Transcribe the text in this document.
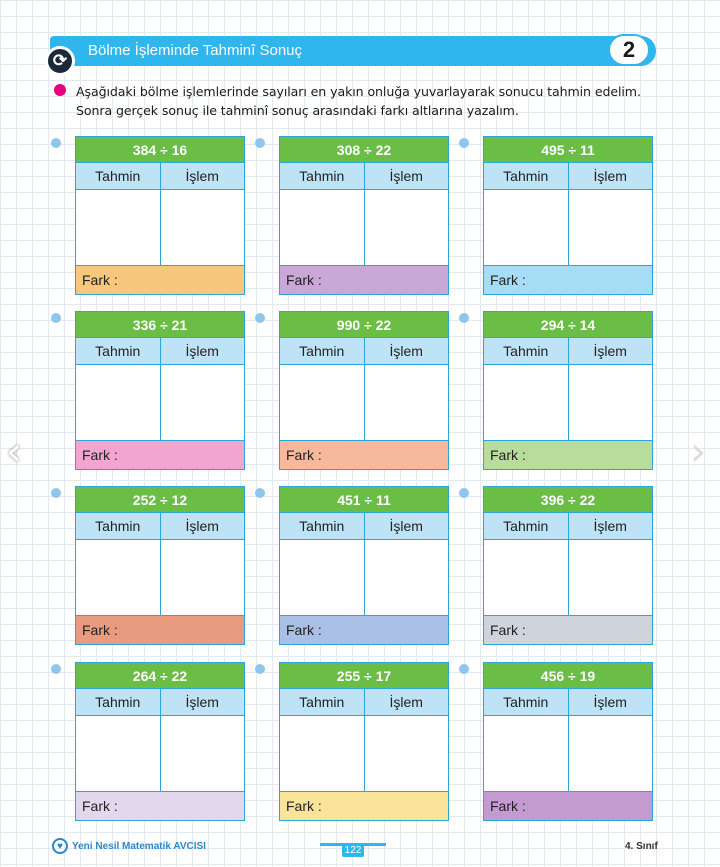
Bölme İşleminde Tahminî Sonuç
⟳	2
Aşağıdaki bölme işlemlerinde sayıları en yakın onluğa yuvarlayarak sonucu tahmin edelim.
Sonra gerçek sonuç ile tahminî sonuç arasındaki farkı altlarına yazalım.
384 ÷ 16
Tahmin	İşlem
Fark :
308 ÷ 22
Tahmin	İşlem
Fark :
495 ÷ 11
Tahmin	İşlem
Fark :
336 ÷ 21
Tahmin	İşlem
Fark :
990 ÷ 22
Tahmin	İşlem
Fark :
294 ÷ 14
Tahmin	İşlem
Fark :
252 ÷ 12
Tahmin	İşlem
Fark :
451 ÷ 11
Tahmin	İşlem
Fark :
396 ÷ 22
Tahmin	İşlem
Fark :
264 ÷ 22
Tahmin	İşlem
Fark :
255 ÷ 17
Tahmin	İşlem
Fark :
456 ÷ 19
Tahmin	İşlem
Fark :
‹	›
♥ Yeni Nesil Matematik AVCISI	122	4. Sınıf
